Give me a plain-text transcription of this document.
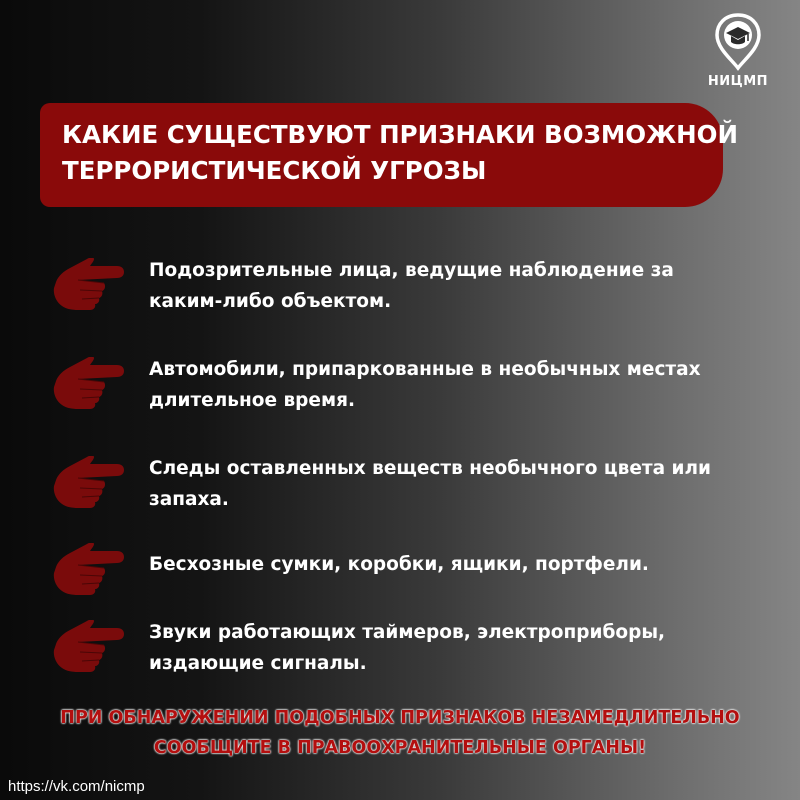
НИЦМП
КАКИЕ СУЩЕСТВУЮТ ПРИЗНАКИ ВОЗМОЖНОЙ
ТЕРРОРИСТИЧЕСКОЙ УГРОЗЫ
Подозрительные лица, ведущие наблюдение за
каким-либо объектом.
Автомобили, припаркованные в необычных местах
длительное время.
Следы оставленных веществ необычного цвета или
запаха.
Бесхозные сумки, коробки, ящики, портфели.
Звуки работающих таймеров, электроприборы,
издающие сигналы.
ПРИ ОБНАРУЖЕНИИ ПОДОБНЫХ ПРИЗНАКОВ НЕЗАМЕДЛИТЕЛЬНО
СООБЩИТЕ В ПРАВООХРАНИТЕЛЬНЫЕ ОРГАНЫ!
https://vk.com/nicmp
